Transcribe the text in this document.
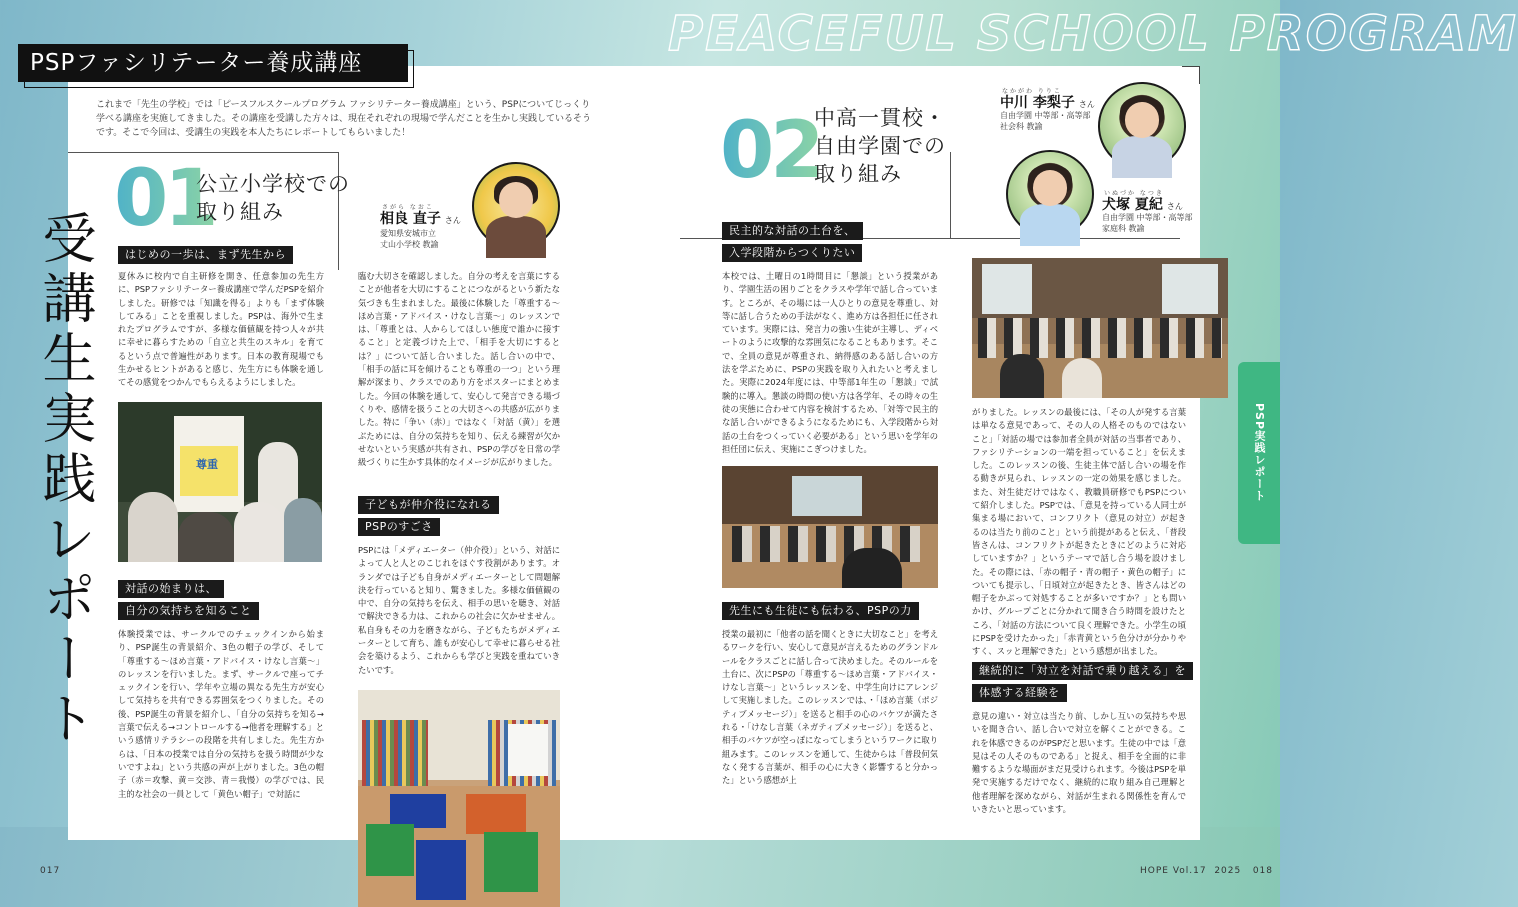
PEACEFUL SCHOOL PROGRAM
PSPファシリテーター養成講座
これまで「先生の学校」では「ピースフルスクールプログラム ファシリテーター養成講座」という、PSPについてじっくり学べる講座を実施してきました。その講座を受講した方々は、現在それぞれの現場で学んだことを生かし実践しているそうです。そこで今回は、受講生の実践を本人たちにレポートしてもらいました！
受講生実践レポート
01
公立小学校での
取り組み	さがら なおこ
相良 直子 さん
愛知県安城市立
丈山小学校 教諭
はじめの一歩は、まず先生から
夏休みに校内で自主研修を開き、任意参加の先生方に、PSPファシリテーター養成講座で学んだPSPを紹介しました。研修では「知識を得る」よりも「まず体験してみる」ことを重視しました。PSPは、海外で生まれたプログラムですが、多様な価値観を持つ人々が共に幸せに暮らすための「自立と共生のスキル」を育てるという点で普遍性があります。日本の教育現場でも生かせるヒントがあると感じ、先生方にも体験を通してその感覚をつかんでもらえるようにしました。
尊重
対話の始まりは、
自分の気持ちを知ること
体験授業では、サークルでのチェックインから始まり、PSP誕生の背景紹介、3色の帽子の学び、そして「尊重する〜ほめ言葉・アドバイス・けなし言葉〜」のレッスンを行いました。まず、サークルで座ってチェックインを行い、学年や立場の異なる先生方が安心して気持ちを共有できる雰囲気をつくりました。その後、PSP誕生の背景を紹介し、「自分の気持ちを知る→言葉で伝える→コントロールする→他者を理解する」という感情リテラシーの段階を共有しました。先生方からは、「日本の授業では自分の気持ちを扱う時間が少ないですよね」という共感の声が上がりました。3色の帽子（赤＝攻撃、黄＝交渉、青＝我慢）の学びでは、民主的な社会の一員として「黄色い帽子」で対話に
臨む大切さを確認しました。自分の考えを言葉にすることが他者を大切にすることにつながるという新たな気づきも生まれました。最後に体験した「尊重する〜ほめ言葉・アドバイス・けなし言葉〜」のレッスンでは、「尊重とは、人からしてほしい態度で誰かに接すること」と定義づけた上で、「相手を大切にするとは？」について話し合いました。話し合いの中で、「相手の話に耳を傾けることも尊重の一つ」という理解が深まり、クラスでのあり方をポスターにまとめました。今回の体験を通して、安心して発言できる場づくりや、感情を扱うことの大切さへの共感が広がりました。特に「争い（赤）」ではなく「対話（黄）」を選ぶためには、自分の気持ちを知り、伝える練習が欠かせないという実感が共有され、PSPの学びを日常の学級づくりに生かす具体的なイメージが広がりました。
子どもが仲介役になれる
PSPのすごさ
PSPには「メディエーター（仲介役）」という、対話によって人と人とのこじれをほぐす役割があります。オランダでは子ども自身がメディエーターとして問題解決を行っていると知り、驚きました。多様な価値観の中で、自分の気持ちを伝え、相手の思いを聴き、対話で解決できる力は、これからの社会に欠かせません。私自身もその力を磨きながら、子どもたちがメディエーターとして育ち、誰もが安心して幸せに暮らせる社会を築けるよう、これからも学びと実践を重ねていきたいです。
02
中高一貫校・
自由学園での
取り組み
なかがわ りりこ
中川 李梨子 さん
自由学園 中等部・高等部
社会科 教諭
いぬづか なつき
犬塚 夏紀 さん
自由学園 中等部・高等部
家庭科 教諭
民主的な対話の土台を、
入学段階からつくりたい
本校では、土曜日の1時間目に「懇談」という授業があり、学園生活の困りごとをクラスや学年で話し合っています。ところが、その場には一人ひとりの意見を尊重し、対等に話し合うための手法がなく、進め方は各担任に任されています。実際には、発言力の強い生徒が主導し、ディベートのように攻撃的な雰囲気になることもあります。そこで、全員の意見が尊重され、納得感のある話し合いの方法を学ぶために、PSPの実践を取り入れたいと考えました。実際に2024年度には、中等部1年生の「懇談」で試験的に導入。懇談の時間の使い方は各学年、その時々の生徒の実態に合わせて内容を検討するため、「対等で民主的な話し合いができるようになるためにも、入学段階から対話の土台をつくっていく必要がある」という思いを学年の担任団に伝え、実施にこぎつけました。
先生にも生徒にも伝わる、PSPの力
授業の最初に「他者の話を聞くときに大切なこと」を考えるワークを行い、安心して意見が言えるためのグランドルールをクラスごとに話し合って決めました。そのルールを土台に、次にPSPの「尊重する〜ほめ言葉・アドバイス・けなし言葉〜」というレッスンを、中学生向けにアレンジして実施しました。このレッスンでは、・「ほめ言葉（ポジティブメッセージ）」を送ると相手の心のバケツが満たされる・「けなし言葉（ネガティブメッセージ）」を送ると、相手のバケツが空っぽになってしまうというワークに取り組みます。このレッスンを通して、生徒からは「普段何気なく発する言葉が、相手の心に大きく影響すると分かった」という感想が上
がりました。レッスンの最後には、「その人が発する言葉は単なる意見であって、その人の人格そのものではないこと」「対話の場では参加者全員が対話の当事者であり、ファシリテーションの一端を担っていること」を伝えました。このレッスンの後、生徒主体で話し合いの場を作る動きが見られ、レッスンの一定の効果を感じました。また、対生徒だけではなく、教職員研修でもPSPについて紹介しました。PSPでは、「意見を持っている人同士が集まる場において、コンフリクト（意見の対立）が起きるのは当たり前のこと」という前提があると伝え、「普段皆さんは、コンフリクトが起きたときにどのように対応していますか？」というテーマで話し合う場を設けました。その際には、「赤の帽子・青の帽子・黄色の帽子」についても提示し、「日頃対立が起きたとき、皆さんはどの帽子をかぶって対処することが多いですか？」とも問いかけ、グループごとに分かれて聞き合う時間を設けたところ、「対話の方法について良く理解できた。小学生の頃にPSPを受けたかった」「赤青黄という色分けが分かりやすく、スッと理解できた」という感想が出ました。
継続的に「対立を対話で乗り越える」を
体感する経験を
意見の違い・対立は当たり前、しかし互いの気持ちや思いを聞き合い、話し合いで対立を解くことができる。これを体感できるのがPSPだと思います。生徒の中では「意見はその人そのものである」と捉え、相手を全面的に非難するような場面がまだ見受けられます。今後はPSPを単発で実施するだけでなく、継続的に取り組み自己理解と他者理解を深めながら、対話が生まれる関係性を育んでいきたいと思っています。
PSP実践レポート
017	HOPE Vol.17  2025   018
